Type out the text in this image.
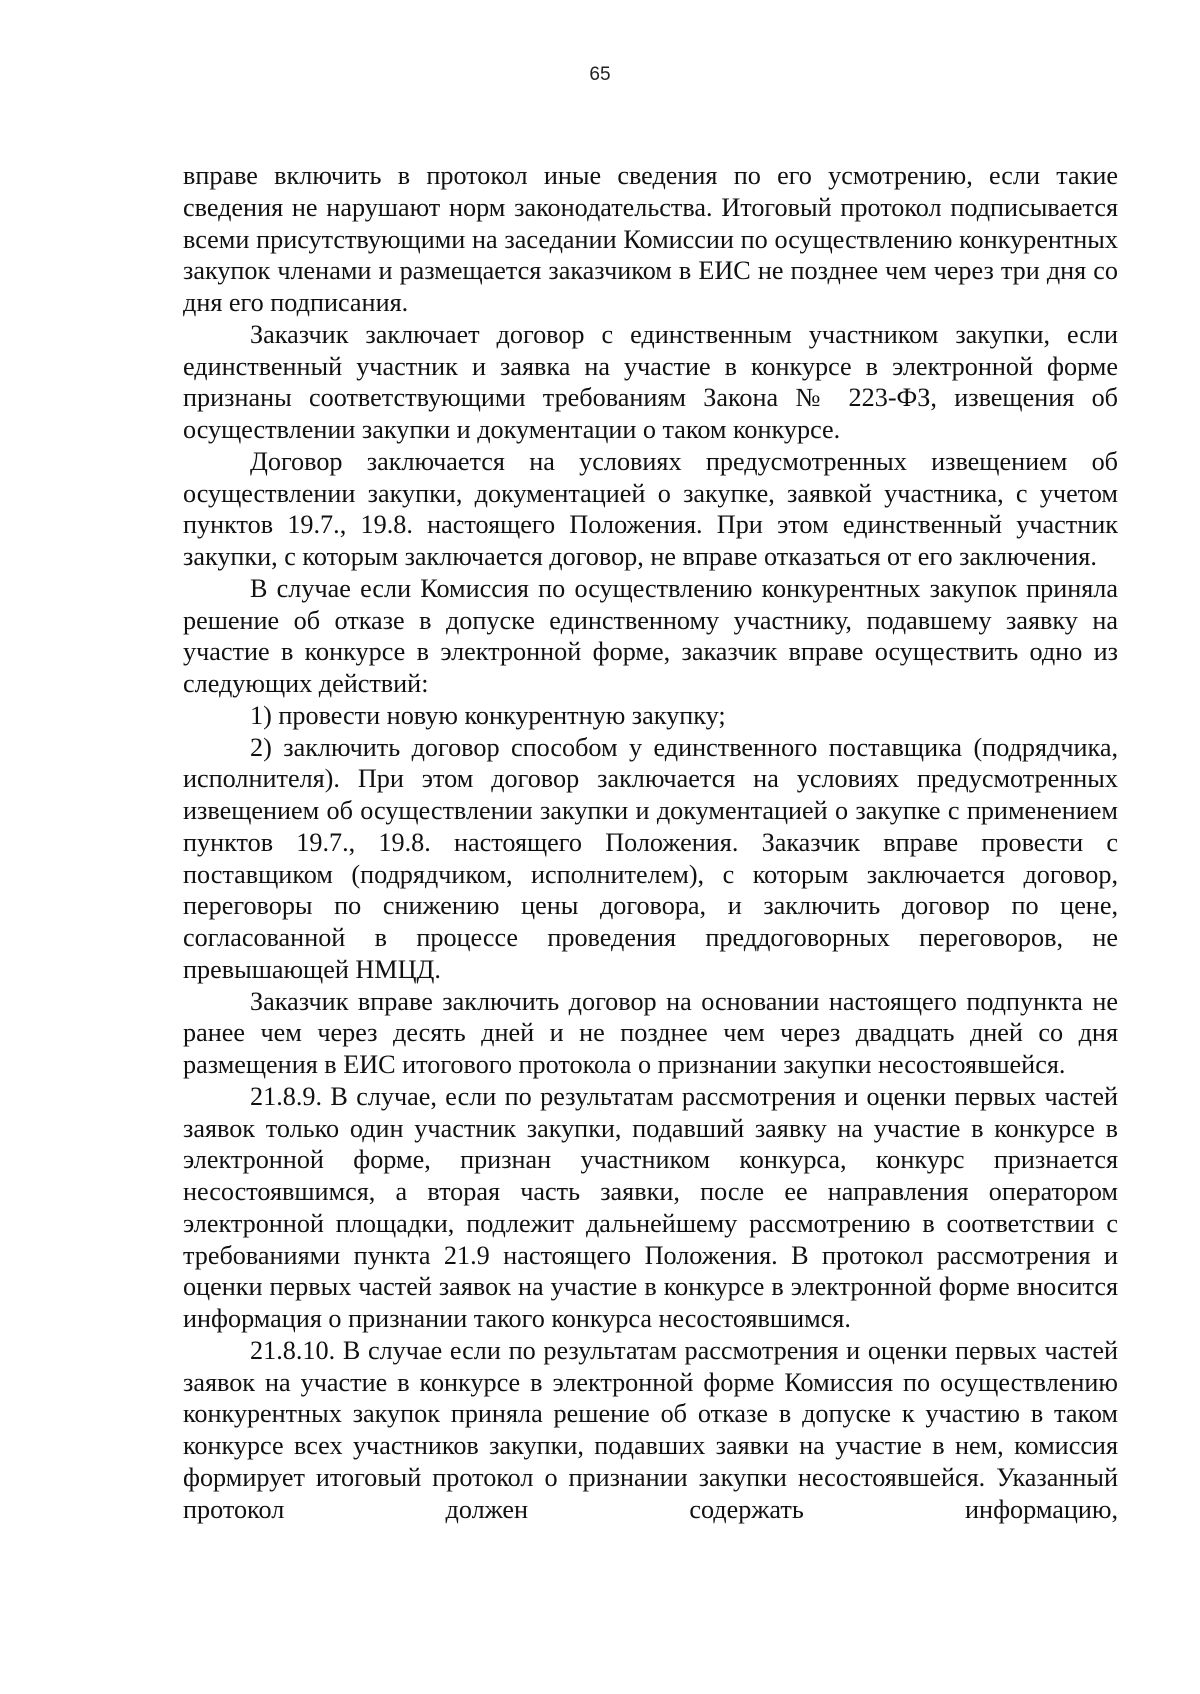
65

вправе включить в протокол иные сведения по его усмотрению, если такие сведения не нарушают норм законодательства. Итоговый протокол подписывается всеми присутствующими на заседании Комиссии по осуществлению конкурентных закупок членами и размещается заказчиком в ЕИС не позднее чем через три дня со дня его подписания.

Заказчик заключает договор с единственным участником закупки, если единственный участник и заявка на участие в конкурсе в электронной форме признаны соответствующими требованиям Закона № 223-ФЗ, извещения об осуществлении закупки и документации о таком конкурсе.

Договор заключается на условиях предусмотренных извещением об осуществлении закупки, документацией о закупке, заявкой участника, с учетом пунктов 19.7., 19.8. настоящего Положения. При этом единственный участник закупки, с которым заключается договор, не вправе отказаться от его заключения.

В случае если Комиссия по осуществлению конкурентных закупок приняла решение об отказе в допуске единственному участнику, подавшему заявку на участие в конкурсе в электронной форме, заказчик вправе осуществить одно из следующих действий:

1) провести новую конкурентную закупку;

2) заключить договор способом у единственного поставщика (подрядчика, исполнителя). При этом договор заключается на условиях предусмотренных извещением об осуществлении закупки и документацией о закупке с применением пунктов 19.7., 19.8. настоящего Положения. Заказчик вправе провести с поставщиком (подрядчиком, исполнителем), с которым заключается договор, переговоры по снижению цены договора, и заключить договор по цене, согласованной в процессе проведения преддоговорных переговоров, не превышающей НМЦД.

Заказчик вправе заключить договор на основании настоящего подпункта не ранее чем через десять дней и не позднее чем через двадцать дней со дня размещения в ЕИС итогового протокола о признании закупки несостоявшейся.

21.8.9. В случае, если по результатам рассмотрения и оценки первых частей заявок только один участник закупки, подавший заявку на участие в конкурсе в электронной форме, признан участником конкурса, конкурс признается несостоявшимся, а вторая часть заявки, после ее направления оператором электронной площадки, подлежит дальнейшему рассмотрению в соответствии с требованиями пункта 21.9 настоящего Положения. В протокол рассмотрения и оценки первых частей заявок на участие в конкурсе в электронной форме вносится информация о признании такого конкурса несостоявшимся.

21.8.10. В случае если по результатам рассмотрения и оценки первых частей заявок на участие в конкурсе в электронной форме Комиссия по осуществлению конкурентных закупок приняла решение об отказе в допуске к участию в таком конкурсе всех участников закупки, подавших заявки на участие в нем, комиссия формирует итоговый протокол о признании закупки несостоявшейся. Указанный протокол должен содержать информацию,
